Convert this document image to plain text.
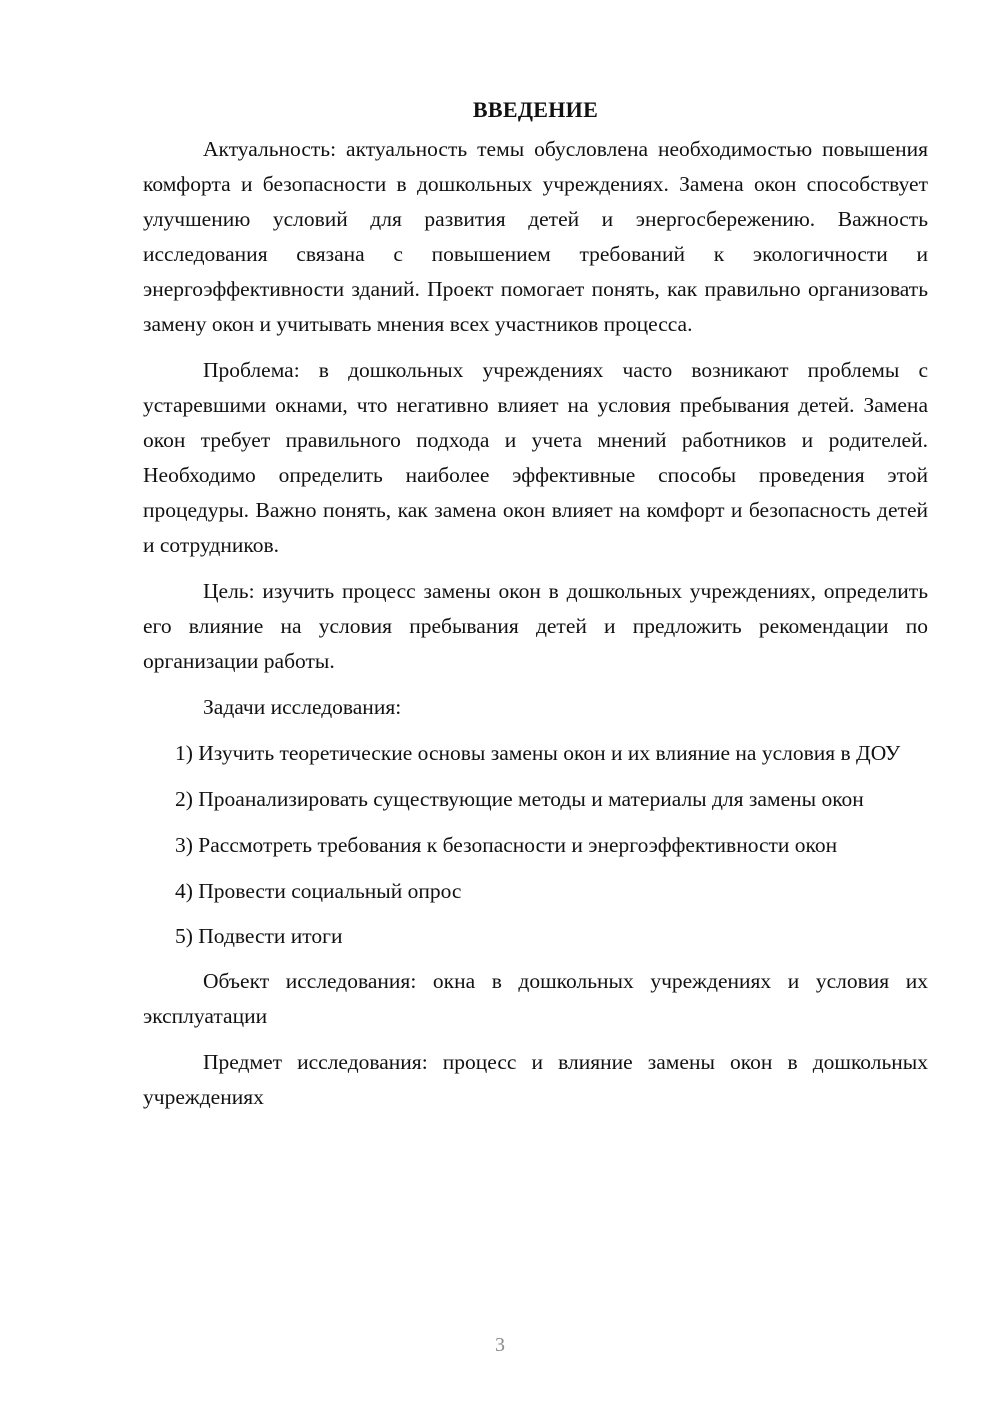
ВВЕДЕНИЕ

Актуальность: актуальность темы обусловлена необходимостью повышения комфорта и безопасности в дошкольных учреждениях. Замена окон способствует улучшению условий для развития детей и энергосбережению. Важность исследования связана с повышением требований к экологичности и энергоэффективности зданий. Проект помогает понять, как правильно организовать замену окон и учитывать мнения всех участников процесса.

Проблема: в дошкольных учреждениях часто возникают проблемы с устаревшими окнами, что негативно влияет на условия пребывания детей. Замена окон требует правильного подхода и учета мнений работников и родителей. Необходимо определить наиболее эффективные способы проведения этой процедуры. Важно понять, как замена окон влияет на комфорт и безопасность детей и сотрудников.

Цель: изучить процесс замены окон в дошкольных учреждениях, определить его влияние на условия пребывания детей и предложить рекомендации по организации работы.

Задачи исследования:

1) Изучить теоретические основы замены окон и их влияние на условия в ДОУ

2) Проанализировать существующие методы и материалы для замены окон

3) Рассмотреть требования к безопасности и энергоэффективности окон

4) Провести социальный опрос

5) Подвести итоги

Объект исследования: окна в дошкольных учреждениях и условия их эксплуатации

Предмет исследования: процесс и влияние замены окон в дошкольных учреждениях

3
